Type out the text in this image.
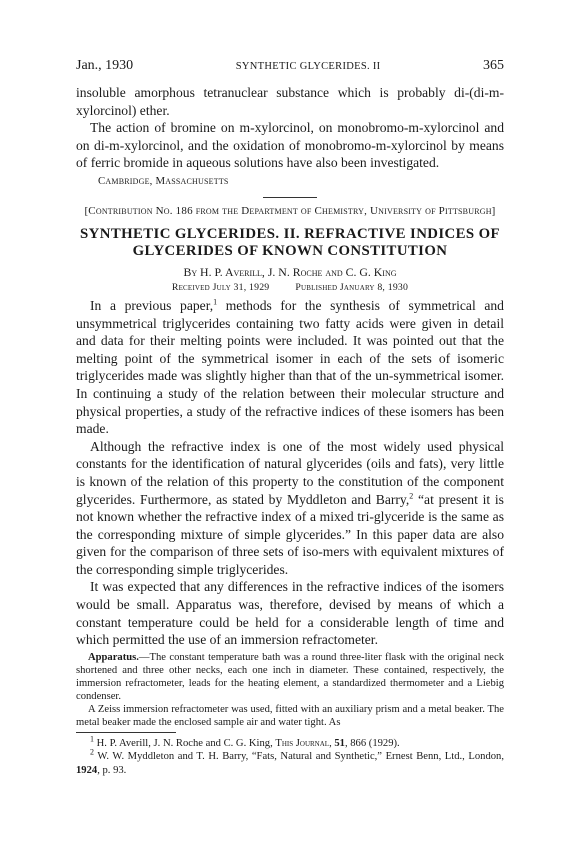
Jan., 1930	SYNTHETIC GLYCERIDES. II	365

insoluble amorphous tetranuclear substance which is probably di-(di-m-xylorcinol) ether.

The action of bromine on m-xylorcinol, on monobromo-m-xylorcinol and on di-m-xylorcinol, and the oxidation of monobromo-m-xylorcinol by means of ferric bromide in aqueous solutions have also been investigated.

Cambridge, Massachusetts
[Contribution No. 186 from the Department of Chemistry, University of Pittsburgh]
SYNTHETIC GLYCERIDES. II. REFRACTIVE INDICES OF GLYCERIDES OF KNOWN CONSTITUTION
By H. P. Averill, J. N. Roche and C. G. King
Received July 31, 1929	Published January 8, 1930

In a previous paper,$^1$ methods for the synthesis of symmetrical and unsymmetrical triglycerides containing two fatty acids were given in detail and data for their melting points were included. It was pointed out that the melting point of the symmetrical isomer in each of the sets of isomeric triglycerides made was slightly higher than that of the un-symmetrical isomer. In continuing a study of the relation between their molecular structure and physical properties, a study of the refractive indices of these isomers has been made.

Although the refractive index is one of the most widely used physical constants for the identification of natural glycerides (oils and fats), very little is known of the relation of this property to the constitution of the component glycerides. Furthermore, as stated by Myddleton and Barry,$^2$ “at present it is not known whether the refractive index of a mixed tri-glyceride is the same as the corresponding mixture of simple glycerides.” In this paper data are also given for the comparison of three sets of iso-mers with equivalent mixtures of the corresponding simple triglycerides.

It was expected that any differences in the refractive indices of the isomers would be small. Apparatus was, therefore, devised by means of which a constant temperature could be held for a considerable length of time and which permitted the use of an immersion refractometer.

Apparatus.—The constant temperature bath was a round three-liter flask with the original neck shortened and three other necks, each one inch in diameter. These contained, respectively, the immersion refractometer, leads for the heating element, a standardized thermometer and a Liebig condenser.

A Zeiss immersion refractometer was used, fitted with an auxiliary prism and a metal beaker. The metal beaker made the enclosed sample air and water tight. As

$^1$ H. P. Averill, J. N. Roche and C. G. King, This Journal, 51, 866 (1929).

$^2$ W. W. Myddleton and T. H. Barry, “Fats, Natural and Synthetic,” Ernest Benn, Ltd., London, 1924, p. 93.
